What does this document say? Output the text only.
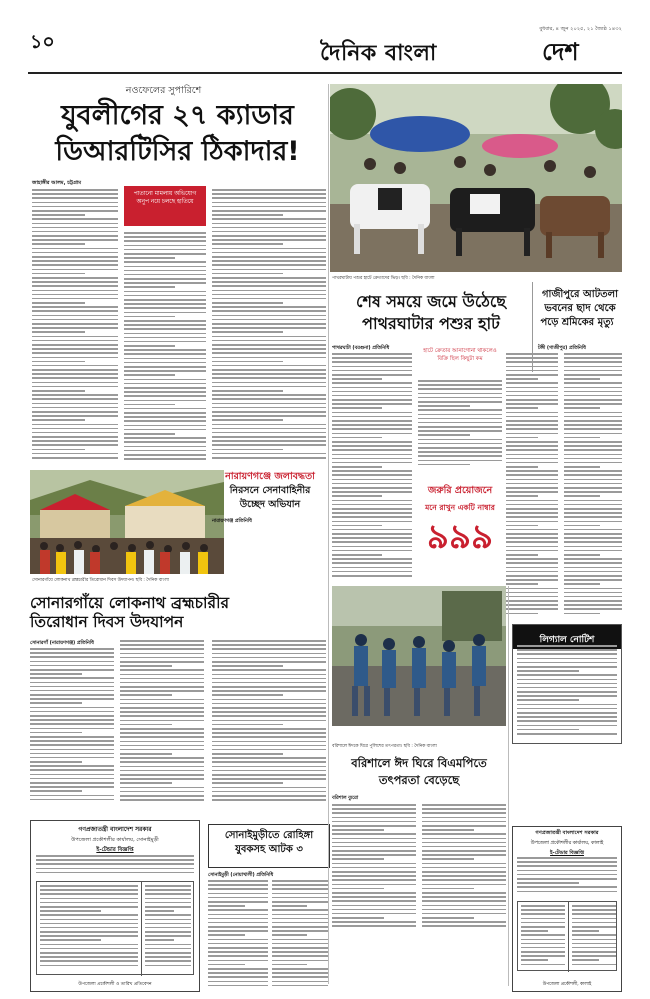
১০
বুধবার, ৪ জুন ২০২৫, ২১ জ্যৈষ্ঠ ১৪৩২
দৈনিক বাংলা	দেশ
নওফেলের সুপারিশে
যুবলীগের ২৭ ক্যাডার
ডিআরটিসির ঠিকাদার!
জাহাঙ্গীর আলম, চট্টগ্রাম
পাতানো মামলায় অভিযোগ অনুপ নয়ে চলছে হাতিয়ে
সোনারগাঁয়ে লোকনাথ ব্রহ্মচারীর তিরোধান দিবস উদযাপন। ছবি : দৈনিক বাংলা
সোনারগাঁয়ে লোকনাথ ব্রহ্মচারীর
তিরোধান দিবস উদযাপন
সোনারগাঁ (নারায়ণগঞ্জ) প্রতিনিধি
পাথরঘাটায় পশুর হাটে ক্রেতাদের ভিড়। ছবি : দৈনিক বাংলা
শেষ সময়ে জমে উঠেছে
পাথরঘাটার পশুর হাট
পাথরঘাটা (বরগুনা) প্রতিনিধি	হাটে ক্রেতার আনাগোনা থাকলেও বিক্রি ছিল কিছুটা কম
গাজীপুরে আটতলা
ভবনের ছাদ থেকে
পড়ে শ্রমিকের মৃত্যু
টঙ্গী (গাজীপুর) প্রতিনিধি
নারায়ণগঞ্জে জলাবদ্ধতা
নিরসনে সেনাবাহিনীর
উচ্ছেদ অভিযান
নারায়ণগঞ্জ প্রতিনিধি
জরুরি প্রয়োজনে
মনে রাখুন একটি নাম্বার
৯৯৯
বরিশালে ঈদকে ঘিরে পুলিশের তৎপরতা। ছবি : দৈনিক বাংলা
বরিশালে ঈদ ঘিরে বিএমপিতে
তৎপরতা বেড়েছে
বরিশাল ব্যুরো
লিগ্যাল নোটিশ
সোনাইমুড়ীতে রোহিঙ্গা
যুবকসহ আটক ৩
সোনাইমুড়ী (নোয়াখালী) প্রতিনিধি
গণপ্রজাতন্ত্রী বাংলাদেশ সরকার
উপজেলা প্রকৌশলীর কার্যালয়, সোনাইমুড়ী
ই-টেন্ডার বিজ্ঞপ্তি
উপজেলা প্রকৌশলী ও তারিখ প্রতিবেদন
গণপ্রজাতন্ত্রী বাংলাদেশ সরকার
উপজেলা প্রকৌশলীর কার্যালয়, কালাই
ই-টেন্ডার বিজ্ঞপ্তি
উপজেলা প্রকৌশলী, কালাই
